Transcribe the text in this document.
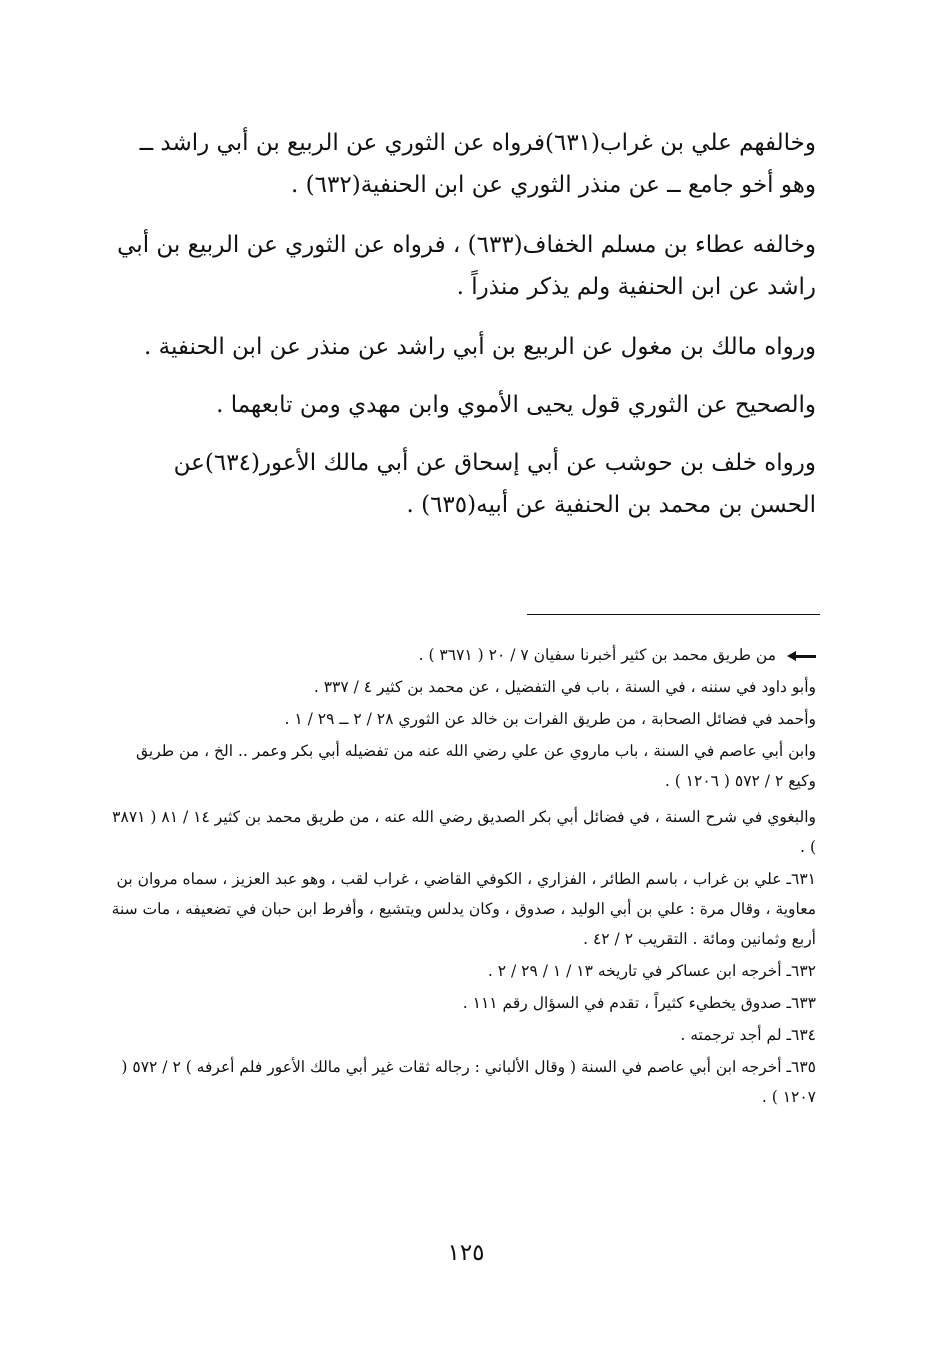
وخالفهم علي بن غراب(٦٣١)فرواه عن الثوري عن الربيع بن أبي راشد ــ وهو أخو جامع ــ عن منذر الثوري عن ابن الحنفية(٦٣٢) .

وخالفه عطاء بن مسلم الخفاف(٦٣٣) ، فرواه عن الثوري عن الربيع بن أبي راشد عن ابن الحنفية ولم يذكر منذراً .

ورواه مالك بن مغول عن الربيع بن أبي راشد عن منذر عن ابن الحنفية .

والصحيح عن الثوري قول يحيى الأموي وابن مهدي ومن تابعهما .

ورواه خلف بن حوشب عن أبي إسحاق عن أبي مالك الأعور(٦٣٤)عن الحسن بن محمد بن الحنفية عن أبيه(٦٣٥) .

من طريق محمد بن كثير أخبرنا سفيان ٧ / ٢٠ ( ٣٦٧١ ) .

وأبو داود في سننه ، في السنة ، باب في التفضيل ، عن محمد بن كثير ٤ / ٣٣٧ .

وأحمد في فضائل الصحابة ، من طريق الفرات بن خالد عن الثوري ٢٨ / ٢ ــ ٢٩ / ١ .

وابن أبي عاصم في السنة ، باب ماروي عن علي رضي الله عنه من تفضيله أبي بكر وعمر .. الخ ، من طريق وكيع ٢ / ٥٧٢ ( ١٢٠٦ ) .

والبغوي في شرح السنة ، في فضائل أبي بكر الصديق رضي الله عنه ، من طريق محمد بن كثير ١٤ / ٨١ ( ٣٨٧١ ) .

٦٣١ـ علي بن غراب ، باسم الطائر ، الفزاري ، الكوفي القاضي ، غراب لقب ، وهو عبد العزيز ، سماه مروان بن معاوية ، وقال مرة : علي بن أبي الوليد ، صدوق ، وكان يدلس ويتشيع ، وأفرط ابن حبان في تضعيفه ، مات سنة أربع وثمانين ومائة . التقريب ٢ / ٤٢ .

٦٣٢ـ أخرجه ابن عساكر في تاريخه ١٣ / ١ / ٢٩ / ٢ .

٦٣٣ـ صدوق يخطيء كثيراً ، تقدم في السؤال رقم ١١١ .

٦٣٤ـ لم أجد ترجمته .

٦٣٥ـ أخرجه ابن أبي عاصم في السنة ( وقال الألباني : رجاله ثقات غير أبي مالك الأعور فلم أعرفه ) ٢ / ٥٧٢ ( ١٢٠٧ ) .

١٢٥
